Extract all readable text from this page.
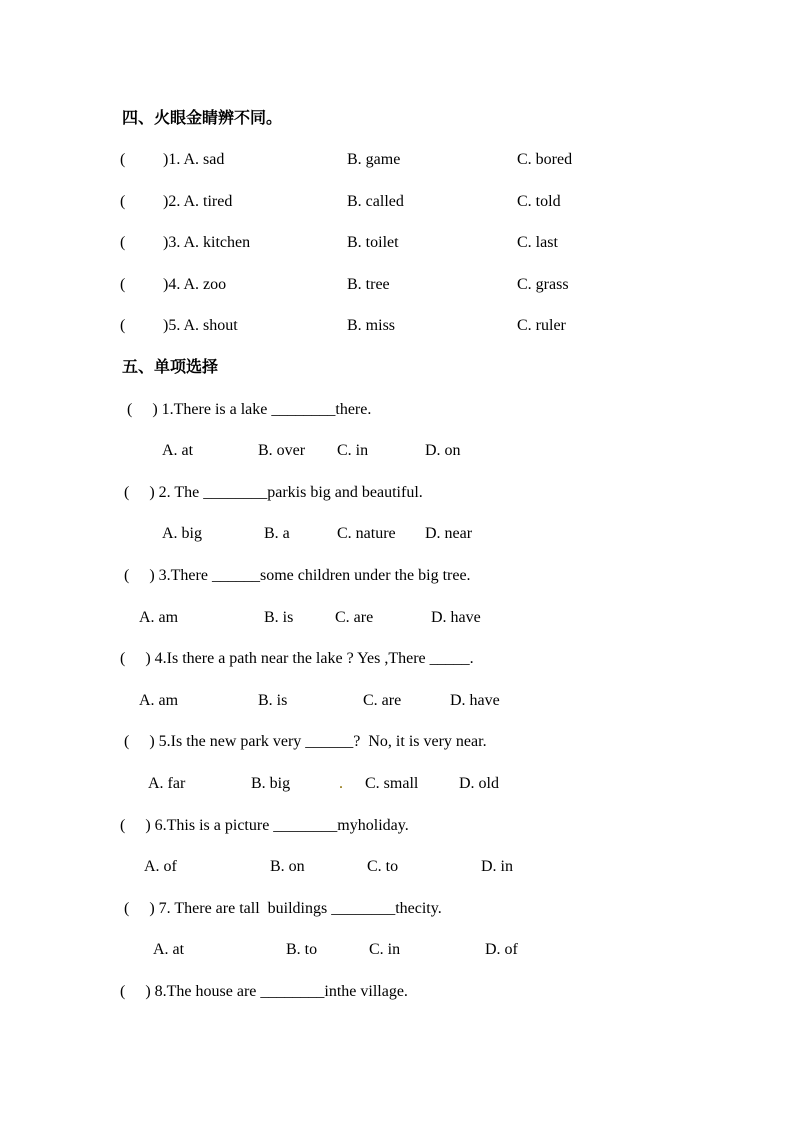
四、火眼金睛辨不同。
( )1. A. sad	B. game	C. bored
( )2. A. tired	B. called	C. told
( )3. A. kitchen	B. toilet	C. last
( )4. A. zoo	B. tree	C. grass
( )5. A. shout	B. miss	C. ruler
五、单项选择
(     ) 1.There is a lake ________there.
A. at	B. over C. in	D. on
(     ) 2. The ________parkis big and beautiful.
A. big	B. a	C. nature D. near
(     ) 3.There ______some children under the big tree.
A. am	B. is	C. are	D. have
(     ) 4.Is there a path near the lake ? Yes ,There _____.
A. am	B. is	C. are	D. have
(     ) 5.Is the new park very ______?  No, it is very near.
A. far	B. big	. C. small	D. old
(     ) 6.This is a picture ________myholiday.
A. of	B. on	C. to	D. in
(     ) 7. There are tall  buildings ________thecity.
A. at	B. to	C. in	D. of
(     ) 8.The house are ________inthe village.
